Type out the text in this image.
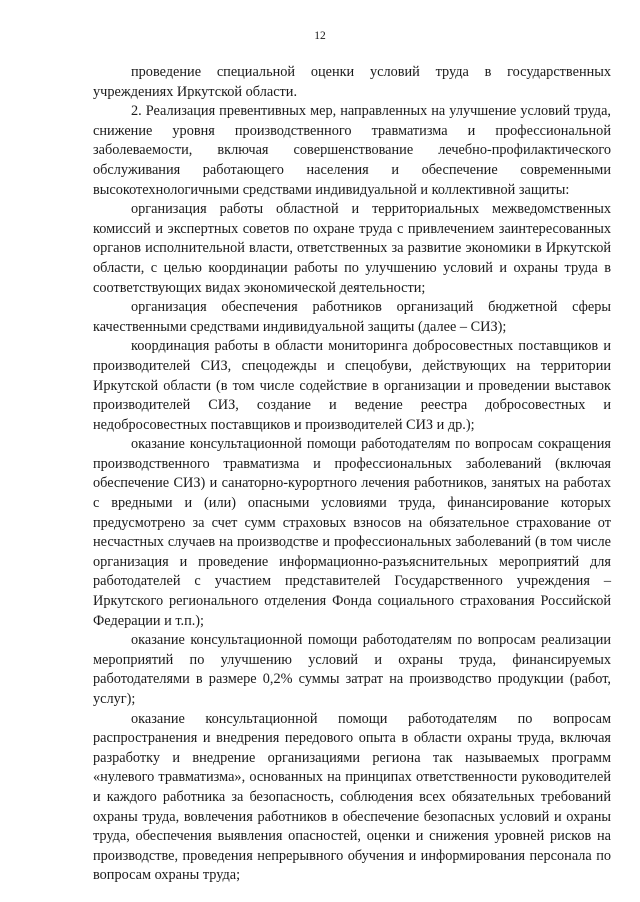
12

проведение специальной оценки условий труда в государственных учреждениях Иркутской области.

2. Реализация превентивных мер, направленных на улучшение условий труда, снижение уровня производственного травматизма и профессиональной заболеваемости, включая совершенствование лечебно-профилактического обслуживания работающего населения и обеспечение современными высокотехнологичными средствами индивидуальной и коллективной защиты:

организация работы областной и территориальных межведомственных комиссий и экспертных советов по охране труда с привлечением заинтересованных органов исполнительной власти, ответственных за развитие экономики в Иркутской области, с целью координации работы по улучшению условий и охраны труда в соответствующих видах экономической деятельности;

организация обеспечения работников организаций бюджетной сферы качественными средствами индивидуальной защиты (далее – СИЗ);

координация работы в области мониторинга добросовестных поставщиков и производителей СИЗ, спецодежды и спецобуви, действующих на территории Иркутской области (в том числе содействие в организации и проведении выставок производителей СИЗ, создание и ведение реестра добросовестных и недобросовестных поставщиков и производителей СИЗ и др.);

оказание консультационной помощи работодателям по вопросам сокращения производственного травматизма и профессиональных заболеваний (включая обеспечение СИЗ) и санаторно-курортного лечения работников, занятых на работах с вредными и (или) опасными условиями труда, финансирование которых предусмотрено за счет сумм страховых взносов на обязательное страхование от несчастных случаев на производстве и профессиональных заболеваний (в том числе организация и проведение информационно-разъяснительных мероприятий для работодателей с участием представителей Государственного учреждения – Иркутского регионального отделения Фонда социального страхования Российской Федерации и т.п.);

оказание консультационной помощи работодателям по вопросам реализации мероприятий по улучшению условий и охраны труда, финансируемых работодателями в размере 0,2% суммы затрат на производство продукции (работ, услуг);

оказание консультационной помощи работодателям по вопросам распространения и внедрения передового опыта в области охраны труда, включая разработку и внедрение организациями региона так называемых программ «нулевого травматизма», основанных на принципах ответственности руководителей и каждого работника за безопасность, соблюдения всех обязательных требований охраны труда, вовлечения работников в обеспечение безопасных условий и охраны труда, обеспечения выявления опасностей, оценки и снижения уровней рисков на производстве, проведения непрерывного обучения и информирования персонала по вопросам охраны труда;
